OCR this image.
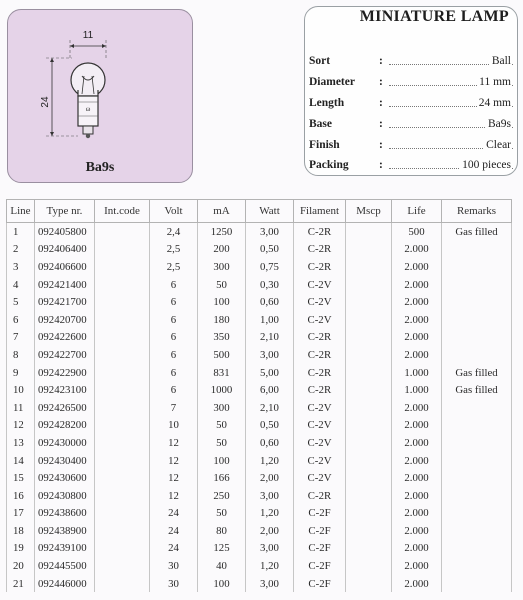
11
24
ω
Ba9s
MINIATURE LAMP
Sort	:	Ball
Diameter :	11 mm
Length	:	24 mm
Base	:	Ba9s
Finish	:	Clear
Packing	:	100 pieces
Line	Type nr.	Int.code	Volt	mA	Watt	Filament	Mscp	Life	Remarks
1	092405800		2,4	1250	3,00	C-2R		500	Gas filled
2	092406400		2,5	200	0,50	C-2R		2.000	
3	092406600		2,5	300	0,75	C-2R		2.000	
4	092421400		6	50	0,30	C-2V		2.000	
5	092421700		6	100	0,60	C-2V		2.000	
6	092420700		6	180	1,00	C-2V		2.000	
7	092422600		6	350	2,10	C-2R		2.000	
8	092422700		6	500	3,00	C-2R		2.000	
9	092422900		6	831	5,00	C-2R		1.000	Gas filled
10	092423100		6	1000	6,00	C-2R		1.000	Gas filled
11	092426500		7	300	2,10	C-2V		2.000	
12	092428200		10	50	0,50	C-2V		2.000	
13	092430000		12	50	0,60	C-2V		2.000	
14	092430400		12	100	1,20	C-2V		2.000	
15	092430600		12	166	2,00	C-2V		2.000	
16	092430800		12	250	3,00	C-2R		2.000	
17	092438600		24	50	1,20	C-2F		2.000	
18	092438900		24	80	2,00	C-2F		2.000	
19	092439100		24	125	3,00	C-2F		2.000	
20	092445500		30	40	1,20	C-2F		2.000	
21	092446000		30	100	3,00	C-2F		2.000	
